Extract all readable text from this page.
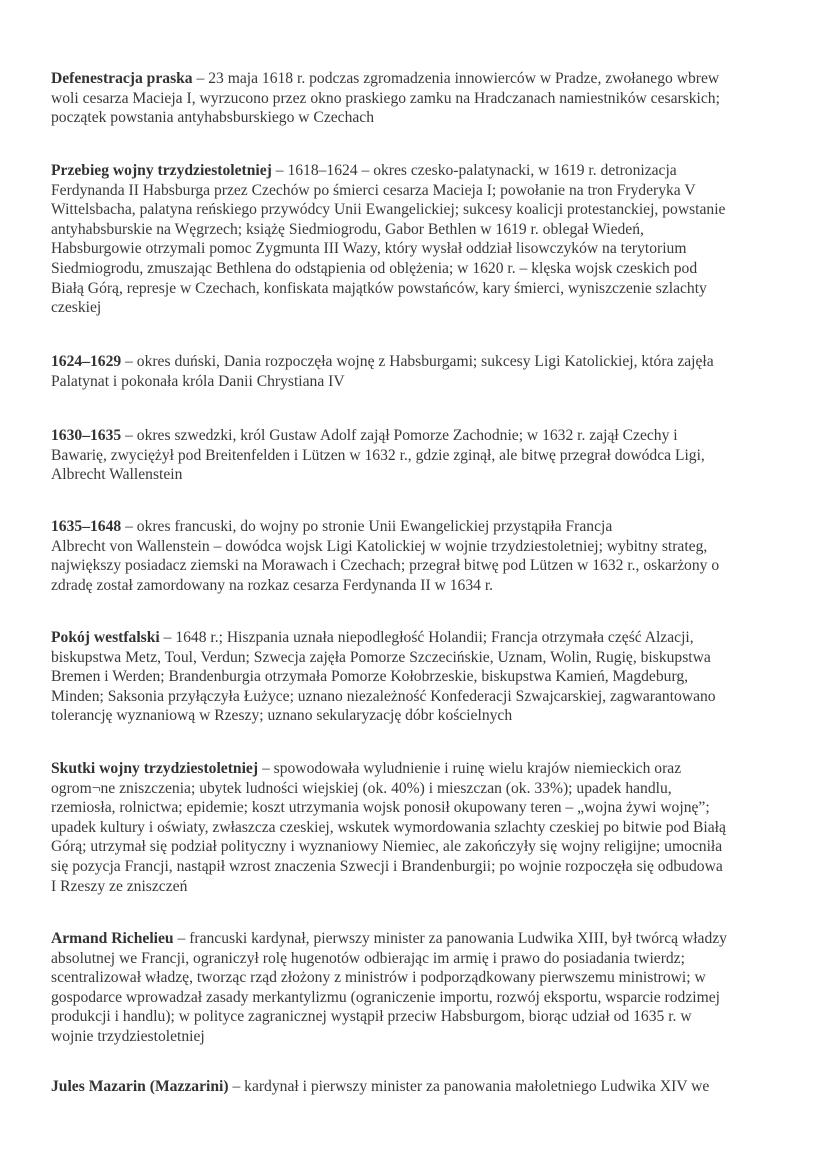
Defenestracja praska – 23 maja 1618 r. podczas zgromadzenia innowierców w Pradze, zwołanego wbrew
woli cesarza Macieja I, wyrzucono przez okno praskiego zamku na Hradczanach namiestników cesarskich;
początek powstania antyhabsburskiego w Czechach

Przebieg wojny trzydziestoletniej – 1618–1624 – okres czesko-palatynacki, w 1619 r. detronizacja
Ferdynanda II Habsburga przez Czechów po śmierci cesarza Macieja I; powołanie na tron Fryderyka V
Wittelsbacha, palatyna reńskiego przywódcy Unii Ewangelickiej; sukcesy koalicji protestanckiej, powstanie
antyhabsburskie na Węgrzech; książę Siedmiogrodu, Gabor Bethlen w 1619 r. oblegał Wiedeń,
Habsburgowie otrzymali pomoc Zygmunta III Wazy, który wysłał oddział lisowczyków na terytorium
Siedmiogrodu, zmuszając Bethlena do odstąpienia od oblężenia; w 1620 r. – klęska wojsk czeskich pod
Białą Górą, represje w Czechach, konfiskata majątków powstańców, kary śmierci, wyniszczenie szlachty
czeskiej

1624–1629 – okres duński, Dania rozpoczęła wojnę z Habsburgami; sukcesy Ligi Katolickiej, która zajęła
Palatynat i pokonała króla Danii Chrystiana IV

1630–1635 – okres szwedzki, król Gustaw Adolf zajął Pomorze Zachodnie; w 1632 r. zajął Czechy i
Bawarię, zwyciężył pod Breitenfelden i Lützen w 1632 r., gdzie zginął, ale bitwę przegrał dowódca Ligi,
Albrecht Wallenstein

1635–1648 – okres francuski, do wojny po stronie Unii Ewangelickiej przystąpiła Francja
Albrecht von Wallenstein – dowódca wojsk Ligi Katolickiej w wojnie trzydziestoletniej; wybitny strateg,
największy posiadacz ziemski na Morawach i Czechach; przegrał bitwę pod Lützen w 1632 r., oskarżony o
zdradę został zamordowany na rozkaz cesarza Ferdynanda II w 1634 r.

Pokój westfalski – 1648 r.; Hiszpania uznała niepodległość Holandii; Francja otrzymała część Alzacji,
biskupstwa Metz, Toul, Verdun; Szwecja zajęła Pomorze Szczecińskie, Uznam, Wolin, Rugię, biskupstwa
Bremen i Werden; Brandenburgia otrzymała Pomorze Kołobrzeskie, biskupstwa Kamień, Magdeburg,
Minden; Saksonia przyłączyła Łużyce; uznano niezależność Konfederacji Szwajcarskiej, zagwarantowano
tolerancję wyznaniową w Rzeszy; uznano sekularyzację dóbr kościelnych

Skutki wojny trzydziestoletniej – spowodowała wyludnienie i ruinę wielu krajów niemieckich oraz
ogrom¬ne zniszczenia; ubytek ludności wiejskiej (ok. 40%) i mieszczan (ok. 33%); upadek handlu,
rzemiosła, rolnictwa; epidemie; koszt utrzymania wojsk ponosił okupowany teren – „wojna żywi wojnę”;
upadek kultury i oświaty, zwłaszcza czeskiej, wskutek wymordowania szlachty czeskiej po bitwie pod Białą
Górą; utrzymał się podział polityczny i wyznaniowy Niemiec, ale zakończyły się wojny religijne; umocniła
się pozycja Francji, nastąpił wzrost znaczenia Szwecji i Brandenburgii; po wojnie rozpoczęła się odbudowa
I Rzeszy ze zniszczeń

Armand Richelieu – francuski kardynał, pierwszy minister za panowania Ludwika XIII, był twórcą władzy
absolutnej we Francji, ograniczył rolę hugenotów odbierając im armię i prawo do posiadania twierdz;
scentralizował władzę, tworząc rząd złożony z ministrów i podporządkowany pierwszemu ministrowi; w
gospodarce wprowadzał zasady merkantylizmu (ograniczenie importu, rozwój eksportu, wsparcie rodzimej
produkcji i handlu); w polityce zagranicznej wystąpił przeciw Habsburgom, biorąc udział od 1635 r. w
wojnie trzydziestoletniej

Jules Mazarin (Mazzarini) – kardynał i pierwszy minister za panowania małoletniego Ludwika XIV we
